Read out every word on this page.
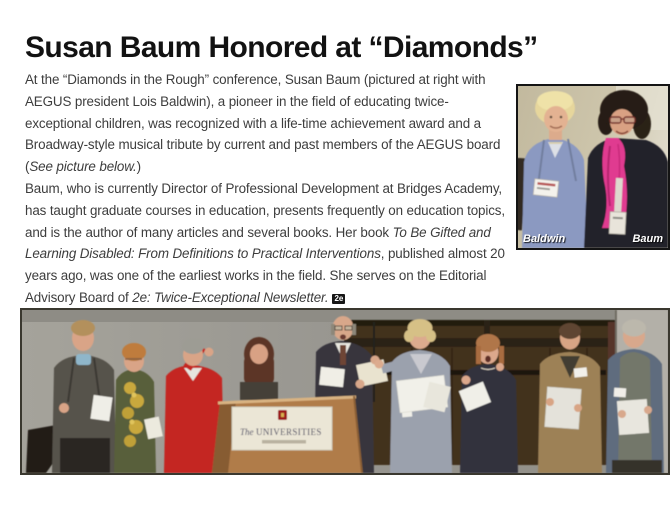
Susan Baum Honored at “Diamonds”

At the “Diamonds in the Rough” conference, Susan Baum (pictured at right with AEGUS president Lois Baldwin), a pioneer in the field of educating twice-exceptional children, was recognized with a life-time achievement award and a Broadway-style musical tribute by current and past members of the AEGUS board (See picture below.)

Baum, who is currently Director of Professional Development at Bridges Academy, has taught graduate courses in education, presents frequently on education topics, and is the author of many articles and several books. Her book To Be Gifted and Learning Disabled: From Definitions to Practical Interventions, published almost 20 years ago, was one of the earliest works in the field. She serves on the Editorial Advisory Board of 2e: Twice-Exceptional Newsletter. 2e

Baldwin	Baum
The UNIVERSITIES
